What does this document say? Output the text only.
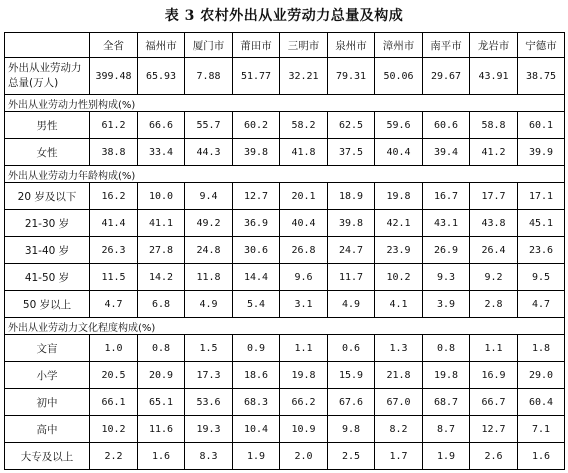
表 3 农村外出从业劳动力总量及构成
	全省	福州市	厦门市	莆田市	三明市	泉州市	漳州市	南平市	龙岩市	宁德市
外出从业劳动力总量(万人)	399.48	65.93	7.88	51.77	32.21	79.31	50.06	29.67	43.91	38.75
外出从业劳动力性别构成(%)										
男性	61.2	66.6	55.7	60.2	58.2	62.5	59.6	60.6	58.8	60.1
女性	38.8	33.4	44.3	39.8	41.8	37.5	40.4	39.4	41.2	39.9
外出从业劳动力年龄构成(%)										
20 岁及以下	16.2	10.0	9.4	12.7	20.1	18.9	19.8	16.7	17.7	17.1
21-30 岁	41.4	41.1	49.2	36.9	40.4	39.8	42.1	43.1	43.8	45.1
31-40 岁	26.3	27.8	24.8	30.6	26.8	24.7	23.9	26.9	26.4	23.6
41-50 岁	11.5	14.2	11.8	14.4	9.6	11.7	10.2	9.3	9.2	9.5
50 岁以上	4.7	6.8	4.9	5.4	3.1	4.9	4.1	3.9	2.8	4.7
外出从业劳动力文化程度构成(%)										
文盲	1.0	0.8	1.5	0.9	1.1	0.6	1.3	0.8	1.1	1.8
小学	20.5	20.9	17.3	18.6	19.8	15.9	21.8	19.8	16.9	29.0
初中	66.1	65.1	53.6	68.3	66.2	67.6	67.0	68.7	66.7	60.4
高中	10.2	11.6	19.3	10.4	10.9	9.8	8.2	8.7	12.7	7.1
大专及以上	2.2	1.6	8.3	1.9	2.0	2.5	1.7	1.9	2.6	1.6
